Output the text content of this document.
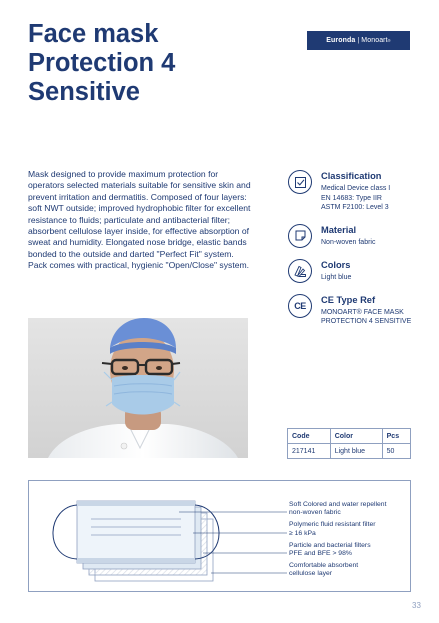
Face mask
Protection 4
Sensitive
Euronda | Monoart ®

Mask designed to provide maximum protection for operators selected materials suitable for sensitive skin and prevent irritation and dermatitis. Composed of four layers: soft NWT outside; improved hydrophobic filter for excellent resistance to fluids; particulate and antibacterial filter; absorbent cellulose layer inside, for effective absorption of sweat and humidity. Elongated nose bridge, elastic bands bonded to the outside and darted "Perfect Fit" system. Pack comes with practical, hygienic "Open/Close" system.

Classification
Medical Device class I
EN 14683: Type IIR
ASTM F2100: Level 3
Material
Non-woven fabric
Colors
Light blue
CE
CE Type Ref
MONOART® FACE MASK
PROTECTION 4 SENSITIVE
Code	Color	Pcs
217141	Light blue	50
Soft Colored and water repellent
non-woven fabric
Polymeric fluid resistant filter
≥ 16 kPa
Particle and bacterial filters
PFE and BFE > 98%
Comfortable absorbent
cellulose layer
33
